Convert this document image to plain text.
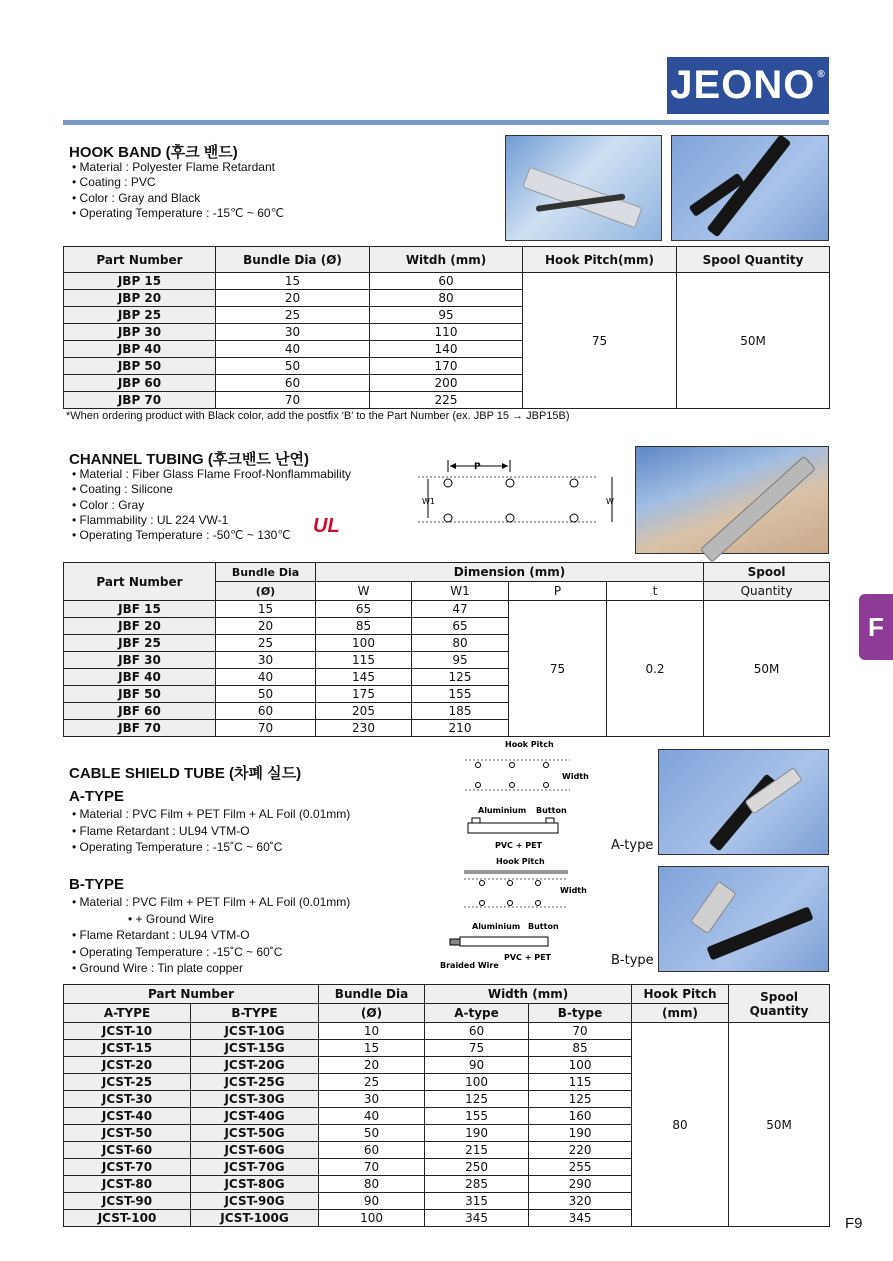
JEONO®
HOOK BAND (후크 밴드)
• Material : Polyester Flame Retardant
• Coating : PVC
• Color : Gray and Black
• Operating Temperature : -15℃ ~ 60℃
Part Number	Bundle Dia (Ø)	Witdh (mm)	Hook Pitch(mm)	Spool Quantity
JBP 15	15	60	75	50M
JBP 20	20	80		
JBP 25	25	95		
JBP 30	30	110		
JBP 40	40	140		
JBP 50	50	170		
JBP 60	60	200		
JBP 70	70	225		
*When ordering product with Black color, add the postfix 'B' to the Part Number (ex. JBP 15 → JBP15B)
CHANNEL TUBING (후크밴드 난연)
• Material : Fiber Glass Flame Froof-Nonflammability
• Coating : Silicone
• Color : Gray
• Flammability : UL 224 VW-1
• Operating Temperature : -50℃ ~ 130℃	UL
P
W1	W
Part Number	Bundle Dia	Dimension (mm)				Spool
	(Ø)	W	W1	P	t	Quantity
JBF 15	15	65	47	75	0.2	50M
JBF 20	20	85	65			
JBF 25	25	100	80			
JBF 30	30	115	95			
JBF 40	40	145	125			
JBF 50	50	175	155			
JBF 60	60	205	185			
JBF 70	70	230	210			
F
CABLE SHIELD TUBE (차폐 실드)
A-TYPE
• Material : PVC Film + PET Film + AL Foil (0.01mm)
• Flame Retardant : UL94 VTM-O
• Operating Temperature : -15˚C ~ 60˚C
B-TYPE
• Material : PVC Film + PET Film + AL Foil (0.01mm)
• + Ground Wire
• Flame Retardant : UL94 VTM-O
• Operating Temperature : -15˚C ~ 60˚C
• Ground Wire : Tin plate copper
Hook Pitch
Width
Aluminium Button
PVC + PET	A-type
Hook Pitch
Width
Aluminium Button
Braided Wire
PVC + PET	B-type
Part Number		Bundle Dia	Width (mm)		Hook Pitch	Spool Quantity
A-TYPE	B-TYPE	(Ø)	A-type	B-type	(mm)	
JCST-10	JCST-10G	10	60	70	80	50M
JCST-15	JCST-15G	15	75	85		
JCST-20	JCST-20G	20	90	100		
JCST-25	JCST-25G	25	100	115		
JCST-30	JCST-30G	30	125	125		
JCST-40	JCST-40G	40	155	160		
JCST-50	JCST-50G	50	190	190		
JCST-60	JCST-60G	60	215	220		
JCST-70	JCST-70G	70	250	255		
JCST-80	JCST-80G	80	285	290		
JCST-90	JCST-90G	90	315	320		
JCST-100	JCST-100G	100	345	345			F9
